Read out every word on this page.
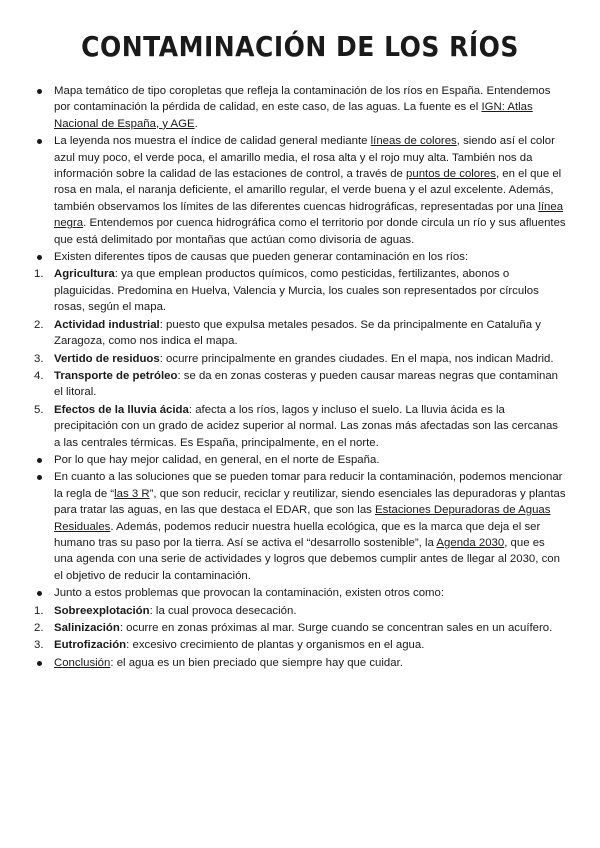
CONTAMINACIÓN DE LOS RÍOS
Mapa temático de tipo coropletas que refleja la contaminación de los ríos en España. Entendemos por contaminación la pérdida de calidad, en este caso, de las aguas. La fuente es el IGN: Atlas Nacional de España, y AGE.
La leyenda nos muestra el índice de calidad general mediante líneas de colores, siendo así el color azul muy poco, el verde poca, el amarillo media, el rosa alta y el rojo muy alta. También nos da información sobre la calidad de las estaciones de control, a través de puntos de colores, en el que el rosa en mala, el naranja deficiente, el amarillo regular, el verde buena y el azul excelente. Además, también observamos los límites de las diferentes cuencas hidrográficas, representadas por una línea negra. Entendemos por cuenca hidrográfica como el territorio por donde circula un río y sus afluentes que está delimitado por montañas que actúan como divisoria de aguas.
Existen diferentes tipos de causas que pueden generar contaminación en los ríos:
1. Agricultura: ya que emplean productos químicos, como pesticidas, fertilizantes, abonos o plaguicidas. Predomina en Huelva, Valencia y Murcia, los cuales son representados por círculos rosas, según el mapa.
2. Actividad industrial: puesto que expulsa metales pesados. Se da principalmente en Cataluña y Zaragoza, como nos indica el mapa.
3. Vertido de residuos: ocurre principalmente en grandes ciudades. En el mapa, nos indican Madrid.
4. Transporte de petróleo: se da en zonas costeras y pueden causar mareas negras que contaminan el litoral.
5. Efectos de la lluvia ácida: afecta a los ríos, lagos y incluso el suelo. La lluvia ácida es la precipitación con un grado de acidez superior al normal. Las zonas más afectadas son las cercanas a las centrales térmicas. Es España, principalmente, en el norte.
Por lo que hay mejor calidad, en general, en el norte de España.
En cuanto a las soluciones que se pueden tomar para reducir la contaminación, podemos mencionar la regla de “las 3 R”, que son reducir, reciclar y reutilizar, siendo esenciales las depuradoras y plantas para tratar las aguas, en las que destaca el EDAR, que son las Estaciones Depuradoras de Aguas Residuales. Además, podemos reducir nuestra huella ecológica, que es la marca que deja el ser humano tras su paso por la tierra. Así se activa el “desarrollo sostenible”, la Agenda 2030, que es una agenda con una serie de actividades y logros que debemos cumplir antes de llegar al 2030, con el objetivo de reducir la contaminación.
Junto a estos problemas que provocan la contaminación, existen otros como:
1. Sobreexplotación: la cual provoca desecación.
2. Salinización: ocurre en zonas próximas al mar. Surge cuando se concentran sales en un acuífero.
3. Eutrofización: excesivo crecimiento de plantas y organismos en el agua.
Conclusión: el agua es un bien preciado que siempre hay que cuidar.
